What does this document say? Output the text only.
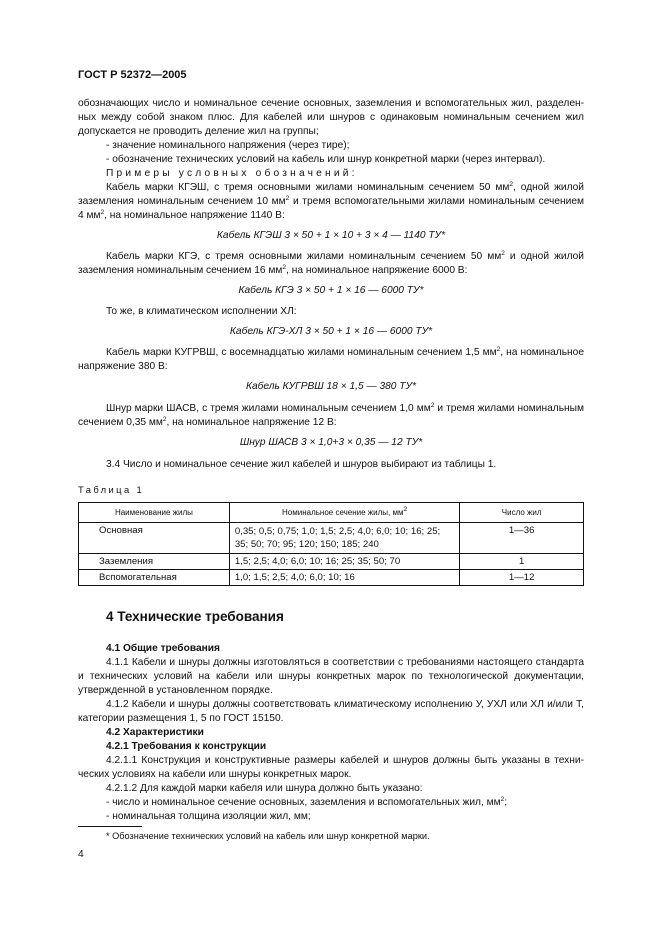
ГОСТ Р 52372—2005
обозначающих число и номинальное сечение основных, заземления и вспомогательных жил, разделен-
ных между собой знаком плюс. Для кабелей или шнуров с одинаковым номинальным сечением жил
допускается не проводить деление жил на группы;
- значение номинального напряжения (через тире);
- обозначение технических условий на кабель или шнур конкретной марки (через интервал).
Примеры условных обозначений:
Кабель марки КГЭШ, с тремя основными жилами номинальным сечением 50 $мм^2$, одной жилой
заземления номинальным сечением 10 $мм^2$ и тремя вспомогательными жилами номинальным сечением
4 $мм^2$, на номинальное напряжение 1140 В:
Кабель КГЭШ 3 × 50 + 1 × 10 + 3 × 4 — 1140 ТУ*
Кабель марки КГЭ, с тремя основными жилами номинальным сечением 50 $мм^2$ и одной жилой
заземления номинальным сечением 16 $мм^2$, на номинальное напряжение 6000 В:
Кабель КГЭ 3 × 50 + 1 × 16 — 6000 ТУ*
То же, в климатическом исполнении ХЛ:
Кабель КГЭ-ХЛ 3 × 50 + 1 × 16 — 6000 ТУ*
Кабель марки КУГРВШ, с восемнадцатью жилами номинальным сечением 1,5 $мм^2$, на номинальное
напряжение 380 В:
Кабель КУГРВШ 18 × 1,5 — 380 ТУ*
Шнур марки ШАСВ, с тремя жилами номинальным сечением 1,0 $мм^2$ и тремя жилами номинальным
сечением 0,35 $мм^2$, на номинальное напряжение 12 В:
Шнур ШАСВ 3 × 1,0+3 × 0,35 — 12 ТУ*
3.4 Число и номинальное сечение жил кабелей и шнуров выбирают из таблицы 1.
Таблица 1
Наименование жилы	Номинальное сечение жилы, $мм^2$	Число жил
Основная	0,35; 0,5; 0,75; 1,0; 1,5; 2,5; 4,0; 6,0; 10; 16; 25;
35; 50; 70; 95; 120; 150; 185; 240	1—36
Заземления	1,5; 2,5; 4,0; 6,0; 10; 16; 25; 35; 50; 70	1
Вспомогательная	1,0; 1,5; 2,5; 4,0; 6,0; 10; 16	1—12
4 Технические требования
4.1 Общие требования
4.1.1 Кабели и шнуры должны изготовляться в соответствии с требованиями настоящего стандарта
и технических условий на кабели или шнуры конкретных марок по технологической документации,
утвержденной в установленном порядке.
4.1.2 Кабели и шнуры должны соответствовать климатическому исполнению У, УХЛ или ХЛ и/или Т,
категории размещения 1, 5 по ГОСТ 15150.
4.2 Характеристики
4.2.1 Требования к конструкции
4.2.1.1 Конструкция и конструктивные размеры кабелей и шнуров должны быть указаны в техни-
ческих условиях на кабели или шнуры конкретных марок.
4.2.1.2 Для каждой марки кабеля или шнура должно быть указано:
- число и номинальное сечение основных, заземления и вспомогательных жил, $мм^2$;
- номинальная толщина изоляции жил, мм;
* Обозначение технических условий на кабель или шнур конкретной марки.
4
